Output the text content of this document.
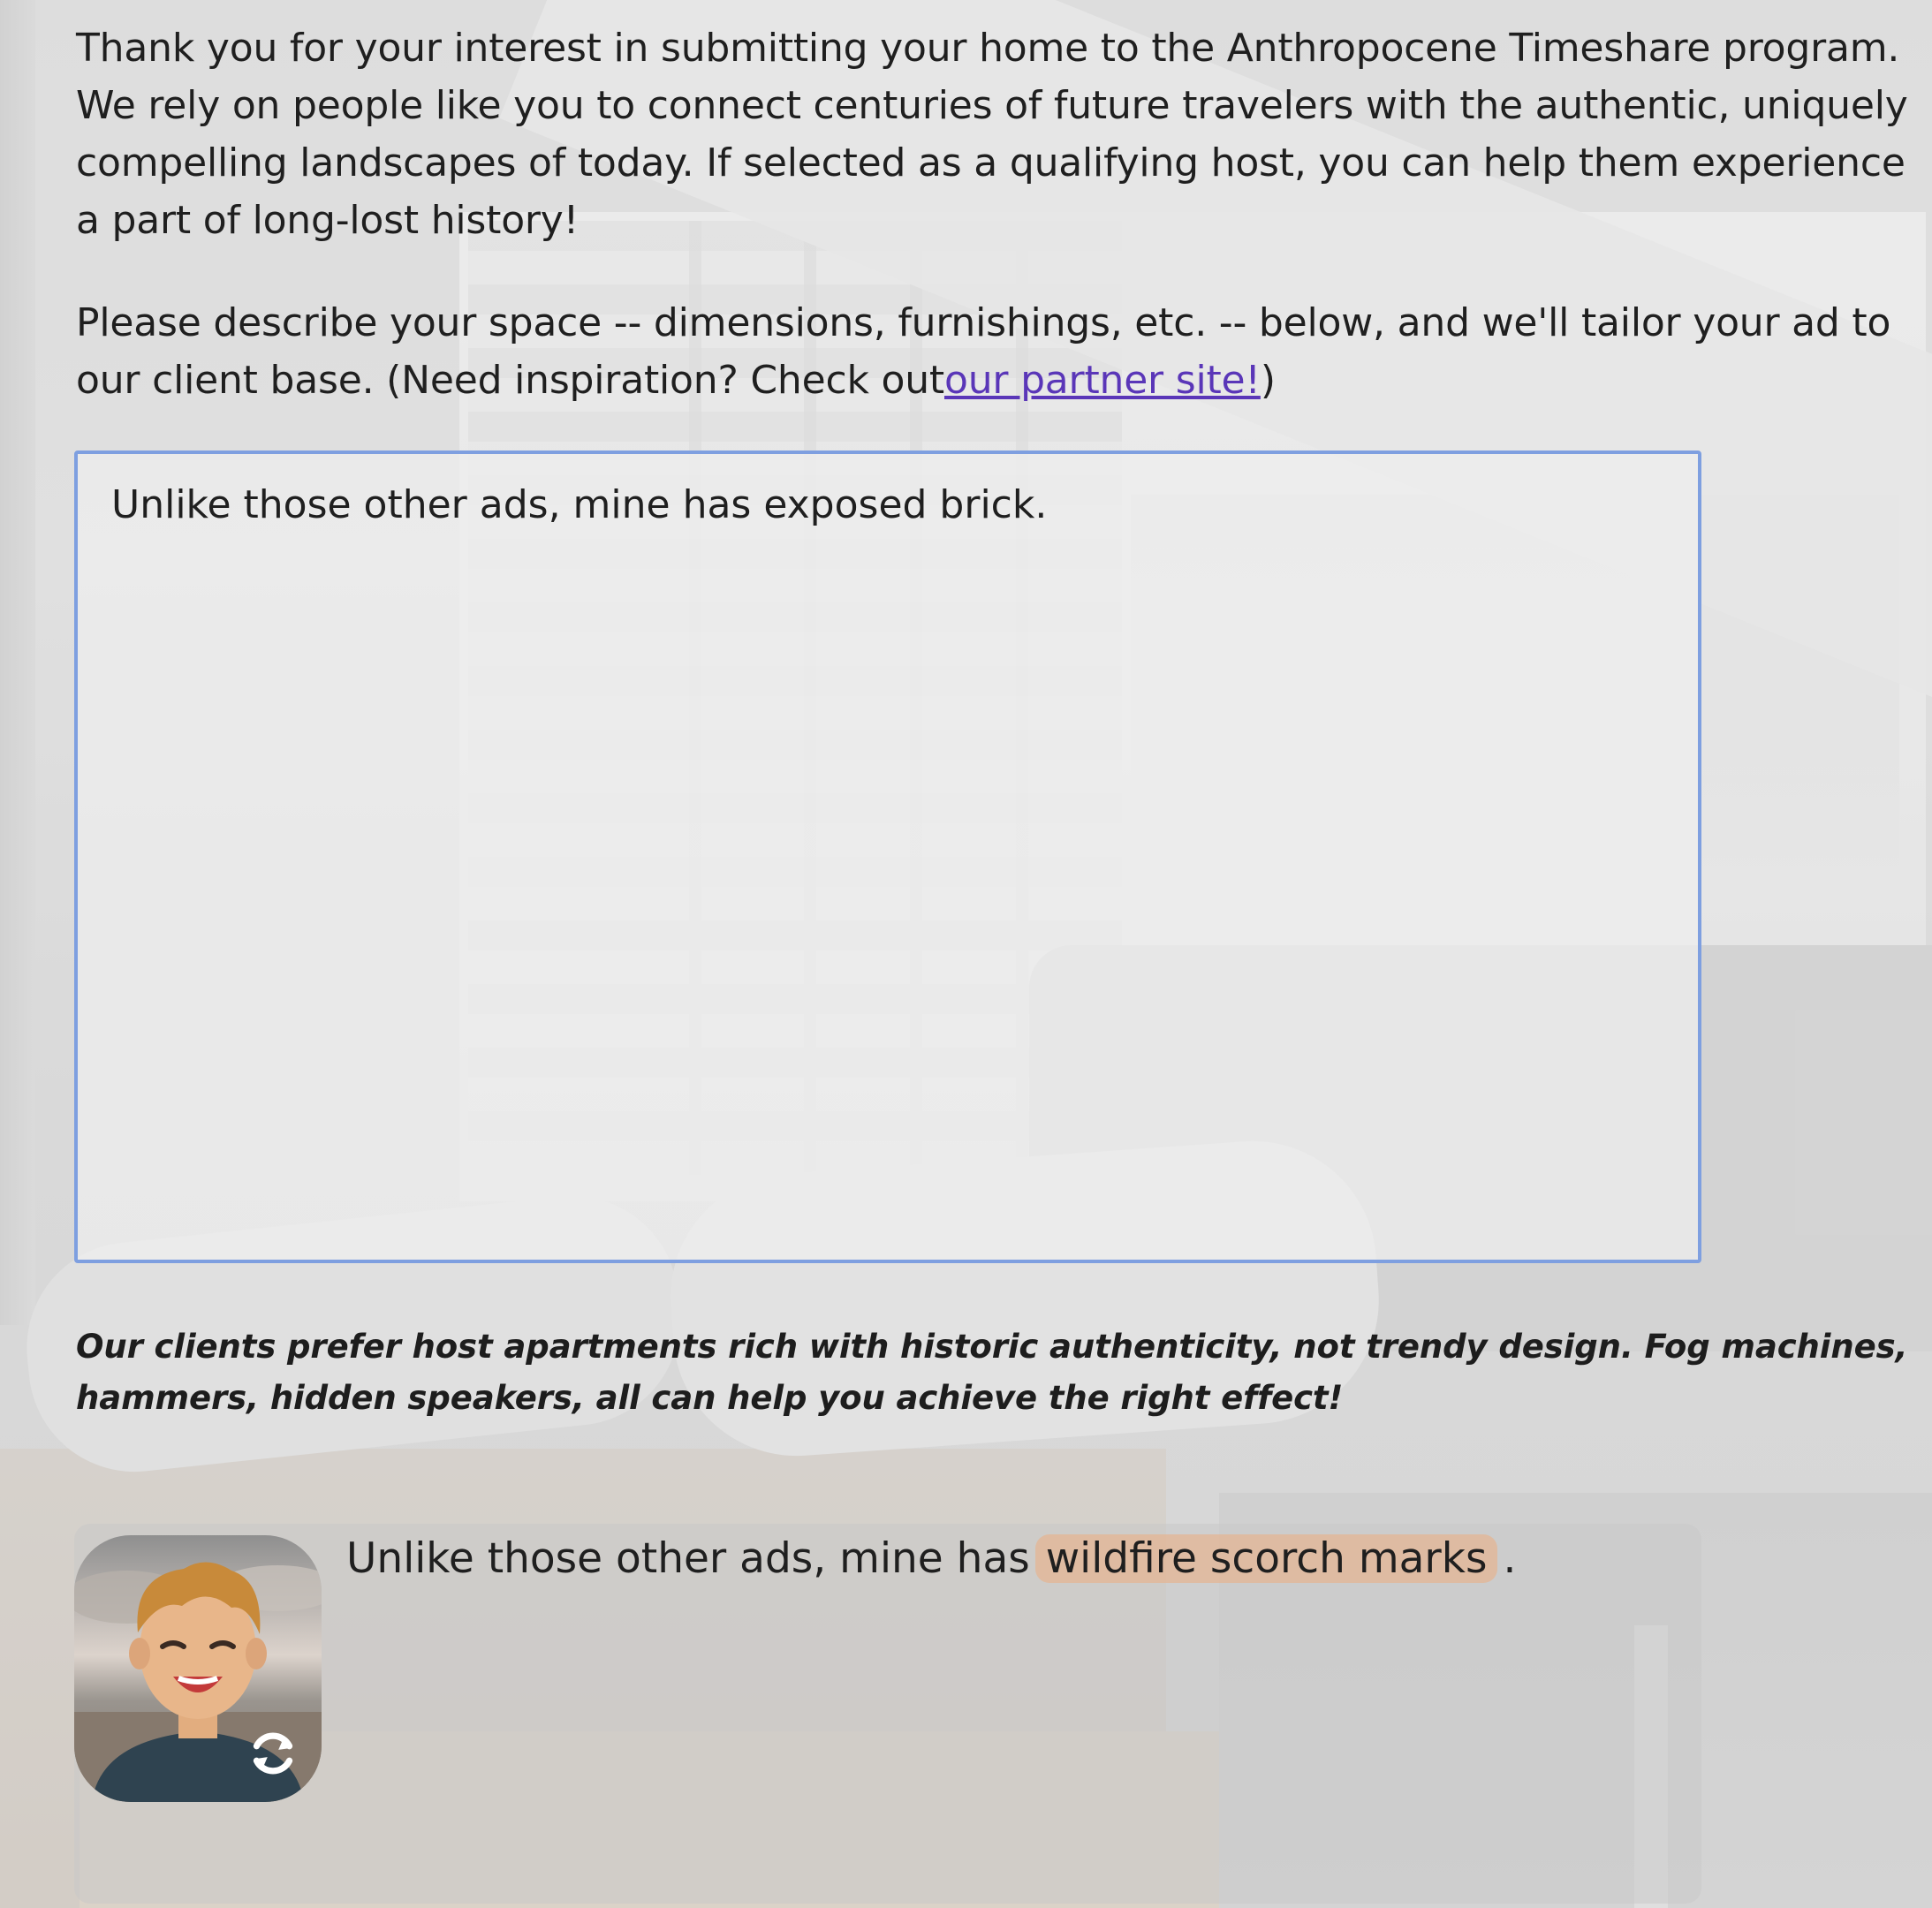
Thank you for your interest in submitting your home to the Anthropocene Timeshare program. We rely on people like you to connect centuries of future travelers with the authentic, uniquely compelling landscapes of today. If selected as a qualifying host, you can help them experience a part of long-lost history!

Please describe your space -- dimensions, furnishings, etc. -- below, and we'll tailor your ad to our client base. (Need inspiration? Check outour partner site!)

Unlike those other ads, mine has exposed brick.

Our clients prefer host apartments rich with historic authenticity, not trendy design. Fog machines, hammers, hidden speakers, all can help you achieve the right effect!

Unlike those other ads, mine has wildfire scorch marks .
